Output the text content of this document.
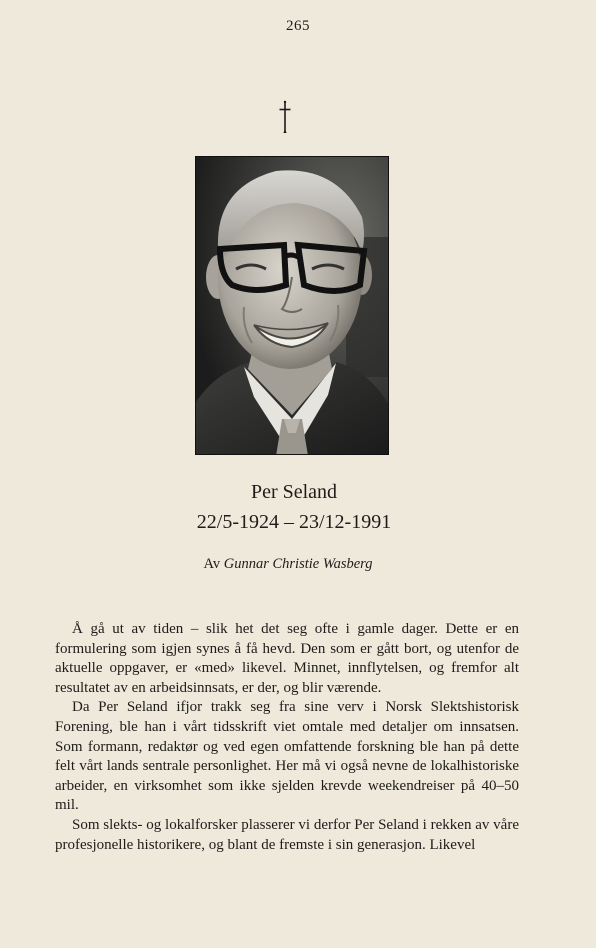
265
Per Seland
22/5-1924 – 23/12-1991
Av Gunnar Christie Wasberg

Å gå ut av tiden – slik het det seg ofte i gamle dager. Dette er en formulering som igjen synes å få hevd. Den som er gått bort, og utenfor de aktuelle oppgaver, er «med» likevel. Minnet, innflytelsen, og fremfor alt resultatet av en arbeidsinnsats, er der, og blir værende.

Da Per Seland ifjor trakk seg fra sine verv i Norsk Slektshistorisk Forening, ble han i vårt tidsskrift viet omtale med detaljer om innsatsen. Som formann, redaktør og ved egen omfattende forskning ble han på dette felt vårt lands sentrale personlighet. Her må vi også nevne de lokalhistoriske arbeider, en virksomhet som ikke sjelden krevde weekendreiser på 40–50 mil.

Som slekts- og lokalforsker plasserer vi derfor Per Seland i rekken av våre profesjonelle historikere, og blant de fremste i sin generasjon. Likevel
